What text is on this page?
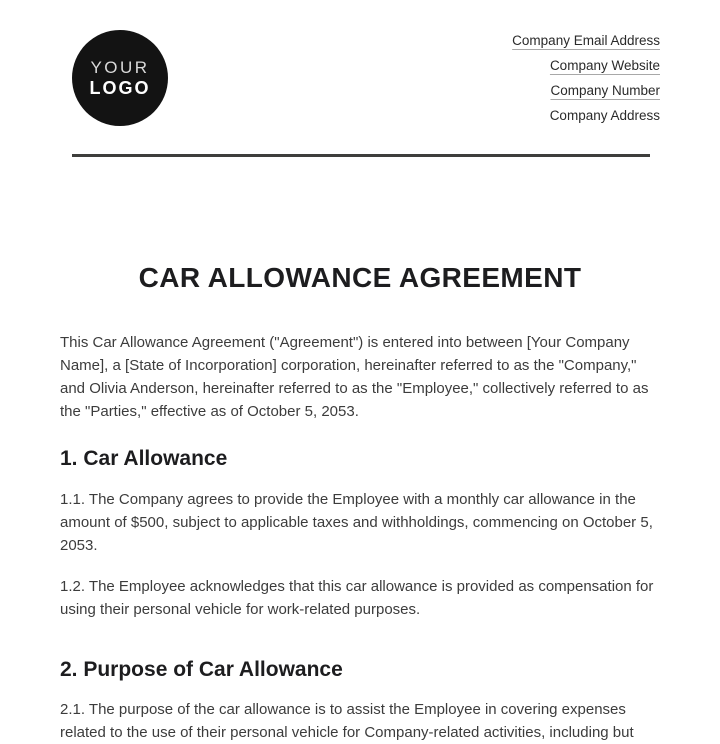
YOUR
LOGO
Company Email Address
Company Website
Company Number
Company Address
CAR ALLOWANCE AGREEMENT

This Car Allowance Agreement ("Agreement") is entered into between [Your Company Name], a [State of Incorporation] corporation, hereinafter referred to as the "Company," and Olivia Anderson, hereinafter referred to as the "Employee," collectively referred to as the "Parties," effective as of October 5, 2053.

1. Car Allowance

1.1. The Company agrees to provide the Employee with a monthly car allowance in the amount of $500, subject to applicable taxes and withholdings, commencing on October 5, 2053.

1.2. The Employee acknowledges that this car allowance is provided as compensation for using their personal vehicle for work-related purposes.

2. Purpose of Car Allowance

2.1. The purpose of the car allowance is to assist the Employee in covering expenses related to the use of their personal vehicle for Company-related activities, including but
